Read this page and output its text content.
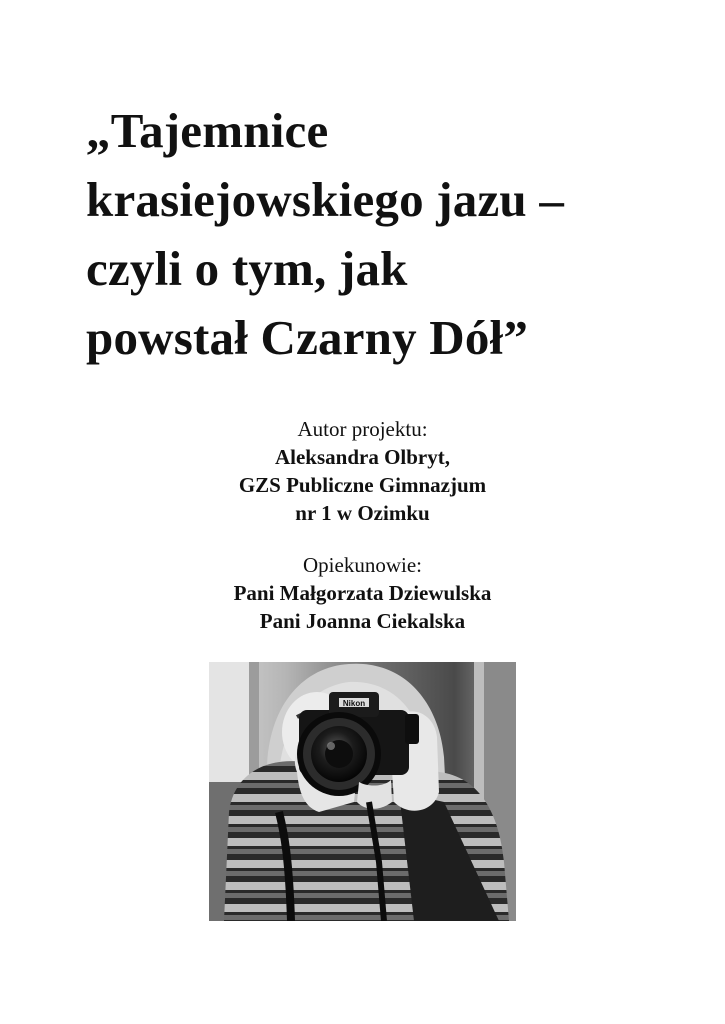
„Tajemnice
krasiejowskiego jazu –
czyli o tym, jak
powstał Czarny Dół”
Autor projektu:
Aleksandra Olbryt,
GZS Publiczne Gimnazjum
nr 1 w Ozimku
Opiekunowie:
Pani Małgorzata Dziewulska
Pani Joanna Ciekalska
Nikon
